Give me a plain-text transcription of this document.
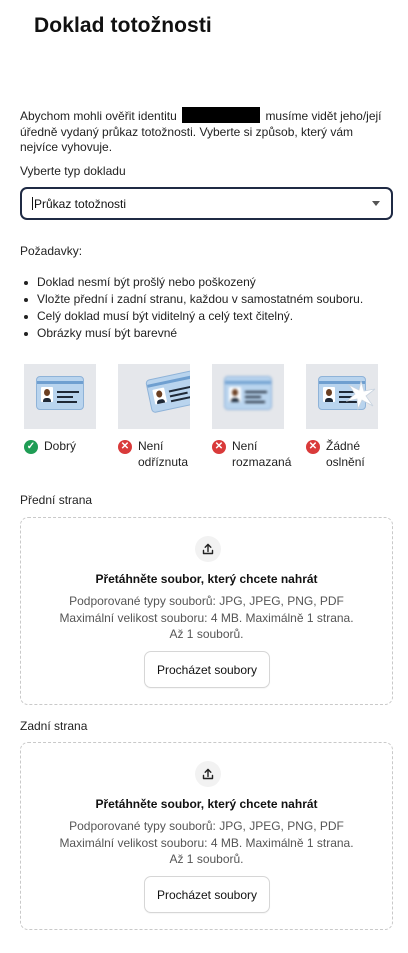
Doklad totožnosti

Abychom mohli ověřit identitu	musíme vidět jeho/její úředně vydaný průkaz totožnosti. Vyberte si způsob, který vám nejvíce vyhovuje.

Vyberte typ dokladu
Průkaz totožnosti
Požadavky:
Doklad nesmí být prošlý nebo poškozený
Vložte přední i zadní stranu, každou v samostatném souboru.
Celý doklad musí být viditelný a celý text čitelný.
Obrázky musí být barevné
✓ Dobrý	✕ Není odříznuta
✕ Není rozmazaná
✕ Žádné oslnění
Přední strana
Přetáhněte soubor, který chcete nahrát
Podporované typy souborů: JPG, JPEG, PNG, PDF
Maximální velikost souboru: 4 MB. Maximálně 1 strana.
Až 1 souborů.
Procházet soubory
Zadní strana
Přetáhněte soubor, který chcete nahrát
Podporované typy souborů: JPG, JPEG, PNG, PDF
Maximální velikost souboru: 4 MB. Maximálně 1 strana.
Až 1 souborů.
Procházet soubory
